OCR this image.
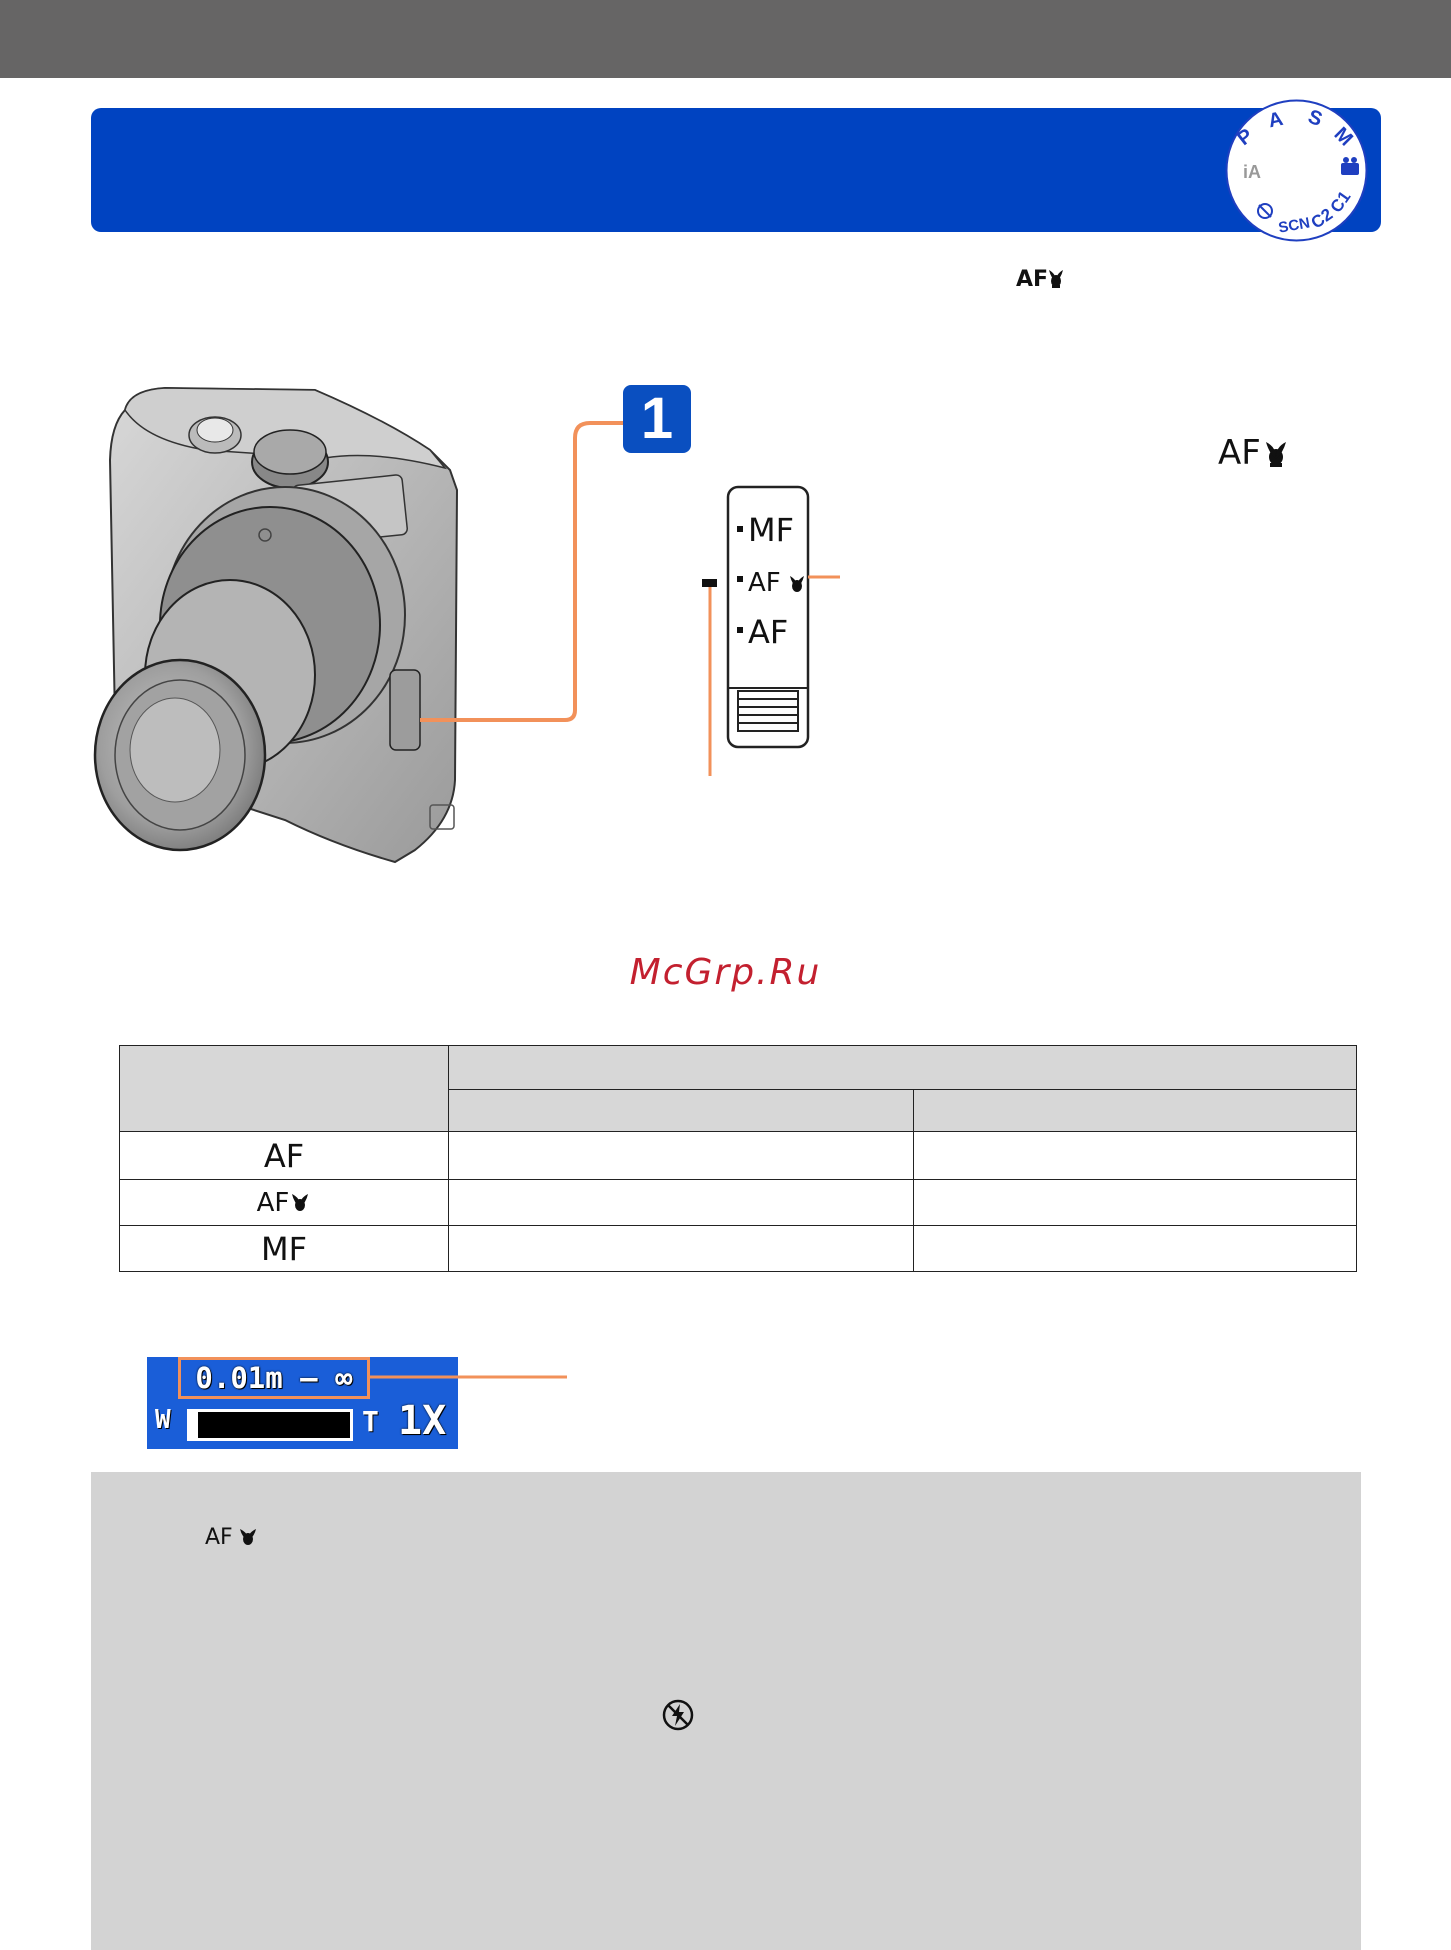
P
A S
M
C1
C2
SCN
iA
AF
1
AF
MF
AF
AF
McGrp.Ru

AF		
AF		
MF		
0.01m – ∞
W	T 1X
AF
